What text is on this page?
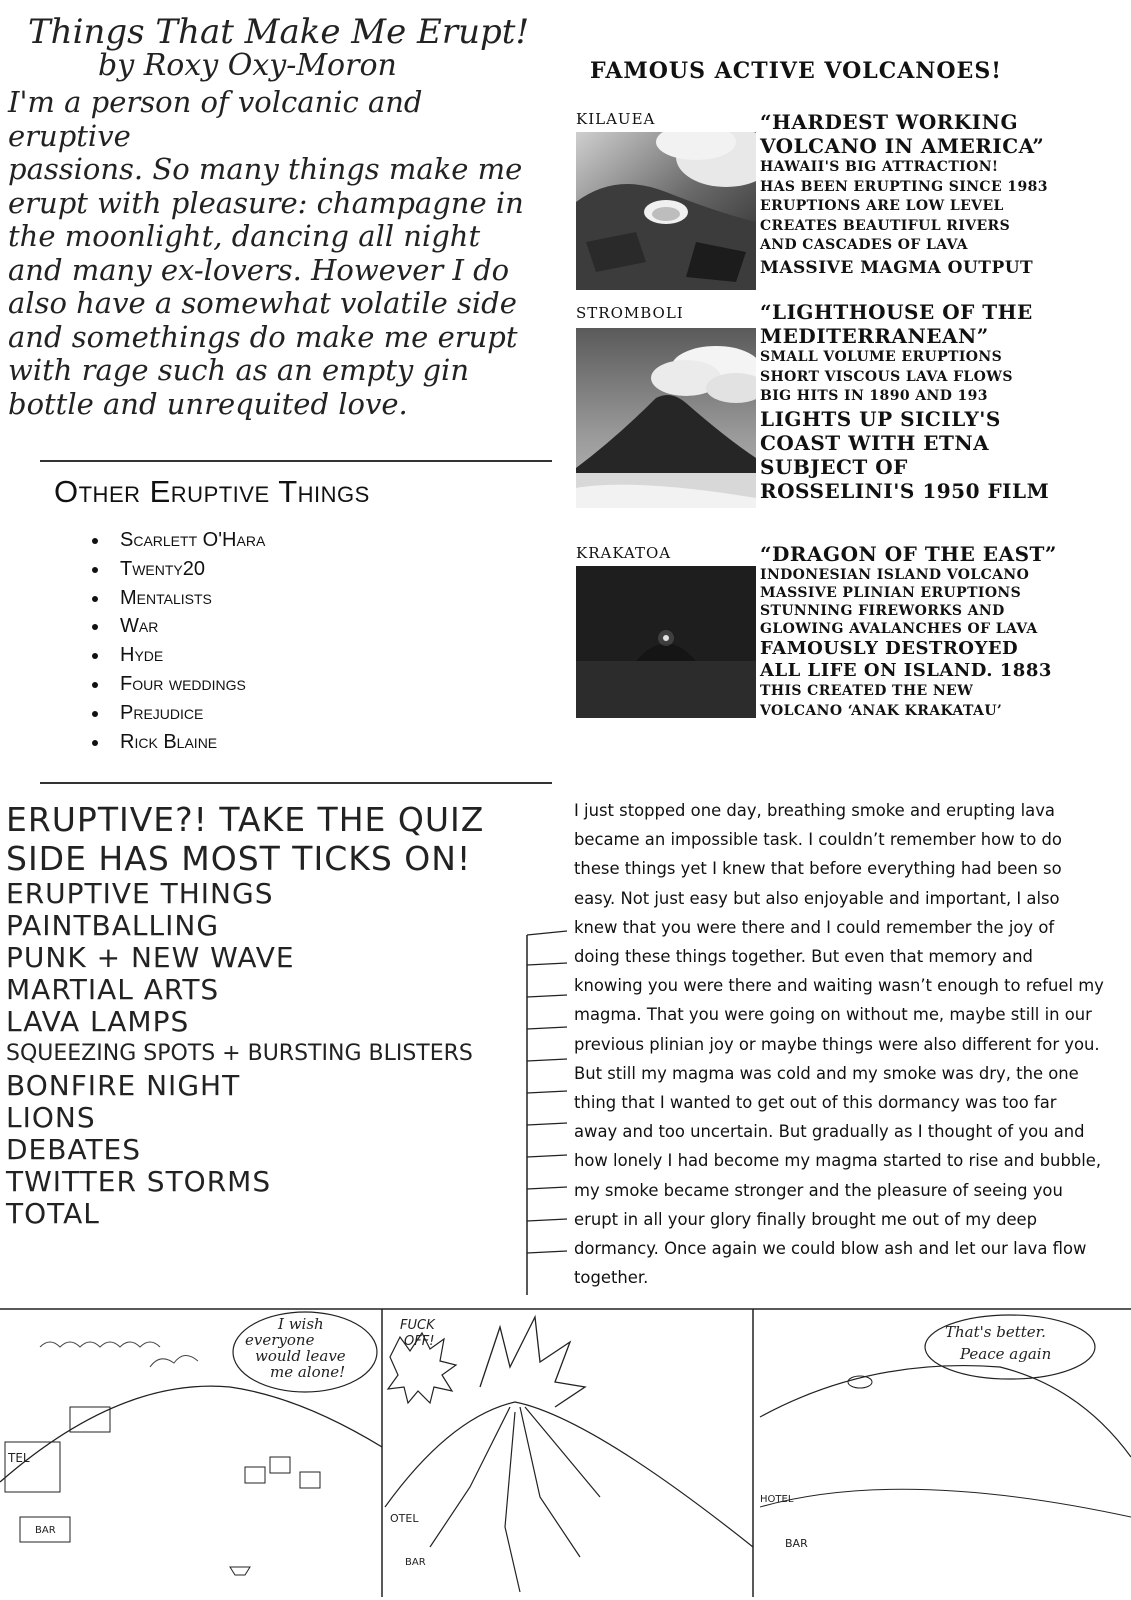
Things That Make Me Erupt!
by Roxy Oxy-Moron
I'm a person of volcanic and eruptive
passions. So many things make me
erupt with pleasure: champagne in
the moonlight, dancing all night
and many ex-lovers. However I do
also have a somewhat volatile side
and somethings do make me erupt
with rage such as an empty gin
bottle and unrequited love.
Other Eruptive Things
Scarlett O'Hara
Twenty20
Mentalists
War
Hyde
Four weddings
Prejudice
Rick Blaine
FAMOUS ACTIVE VOLCANOES!
KILAUEA	“HARDEST WORKING
VOLCANO IN AMERICA”
HAWAII'S BIG ATTRACTION!
HAS BEEN ERUPTING SINCE 1983
ERUPTIONS ARE LOW LEVEL
CREATES BEAUTIFUL RIVERS
AND CASCADES OF LAVA
MASSIVE MAGMA OUTPUT
STROMBOLI	“LIGHTHOUSE OF THE
MEDITERRANEAN”
SMALL VOLUME ERUPTIONS
SHORT VISCOUS LAVA FLOWS
BIG HITS IN 1890 AND 193
LIGHTS UP SICILY'S
COAST WITH ETNA
SUBJECT OF
ROSSELINI'S 1950 FILM
KRAKATOA	“DRAGON OF THE EAST”
INDONESIAN ISLAND VOLCANO
MASSIVE PLINIAN ERUPTIONS
STUNNING FIREWORKS AND
GLOWING AVALANCHES OF LAVA
FAMOUSLY DESTROYED
ALL LIFE ON ISLAND. 1883
THIS CREATED THE NEW
VOLCANO ‘ANAK KRAKATAU’
ERUPTIVE?! TAKE THE QUIZ
SIDE HAS MOST TICKS ON!
ERUPTIVE THINGS
PAINTBALLING
PUNK + NEW WAVE
MARTIAL ARTS
LAVA LAMPS
SQUEEZING SPOTS + BURSTING BLISTERS
BONFIRE NIGHT
LIONS
DEBATES
TWITTER STORMS
TOTAL
I just stopped one day, breathing smoke and erupting lava became an impossible task. I couldn’t remember how to do these things yet I knew that before everything had been so easy. Not just easy but also enjoyable and important, I also knew that you were there and I could remember the joy of doing these things together. But even that memory and knowing you were there and waiting wasn’t enough to refuel my magma. That you were going on without me, maybe still in our previous plinian joy or maybe things were also different for you. But still my magma was cold and my smoke was dry, the one thing that I wanted to get out of this dormancy was too far away and too uncertain. But gradually as I thought of you and how lonely I had become my magma started to rise and bubble, my smoke became stronger and the pleasure of seeing you erupt in all your glory finally brought me out of my deep dormancy. Once again we could blow ash and let our lava flow together.
I wish
everyone
would leave
me alone!
TEL
BAR
FUCK
OFF!
OTEL
BAR
That's better.
Peace again
HOTEL
BAR
